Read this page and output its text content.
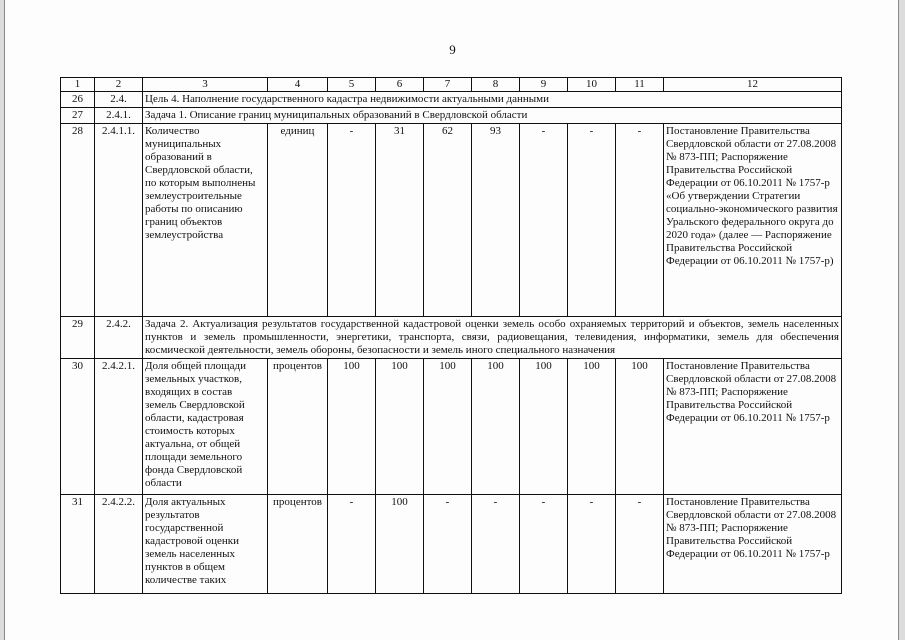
9
1	2	3	4	5	6	7	8	9	10	11	12
26	2.4.	Цель 4. Наполнение государственного кадастра недвижимости актуальными данными									
27	2.4.1.	Задача 1. Описание границ муниципальных образований в Свердловской области									
28	2.4.1.1.	Количество муниципальных образований в Свердловской области, по которым выполнены землеустроительные работы по описанию границ объектов землеустройства	единиц	-	31	62	93	-	-	-	Постановление Правительства Свердловской области от 27.08.2008 № 873-ПП; Распоряжение Правительства Российской Федерации от 06.10.2011 № 1757-р «Об утверждении Стратегии социально-экономического развития Уральского федерального округа до 2020 года» (далее — Распоряжение Правительства Российской Федерации от 06.10.2011 № 1757-р)
29	2.4.2.	Задача 2. Актуализация результатов государственной кадастровой оценки земель особо охраняемых территорий и объектов, земель населенных пунктов и земель промышленности, энергетики, транспорта, связи, радиовещания, телевидения, информатики, земель для обеспечения космической деятельности, земель обороны, безопасности и земель иного специального назначения									
30	2.4.2.1.	Доля общей площади земельных участков, входящих в состав земель Свердловской области, кадастровая стоимость которых актуальна, от общей площади земельного фонда Свердловской области	процентов	100	100	100	100	100	100	100	Постановление Правительства Свердловской области от 27.08.2008 № 873-ПП; Распоряжение Правительства Российской Федерации от 06.10.2011 № 1757-р
31	2.4.2.2.	Доля актуальных результатов государственной кадастровой оценки земель населенных пунктов в общем количестве таких	процентов	-	100	-	-	-	-	-	Постановление Правительства Свердловской области от 27.08.2008 № 873-ПП; Распоряжение Правительства Российской Федерации от 06.10.2011 № 1757-р
